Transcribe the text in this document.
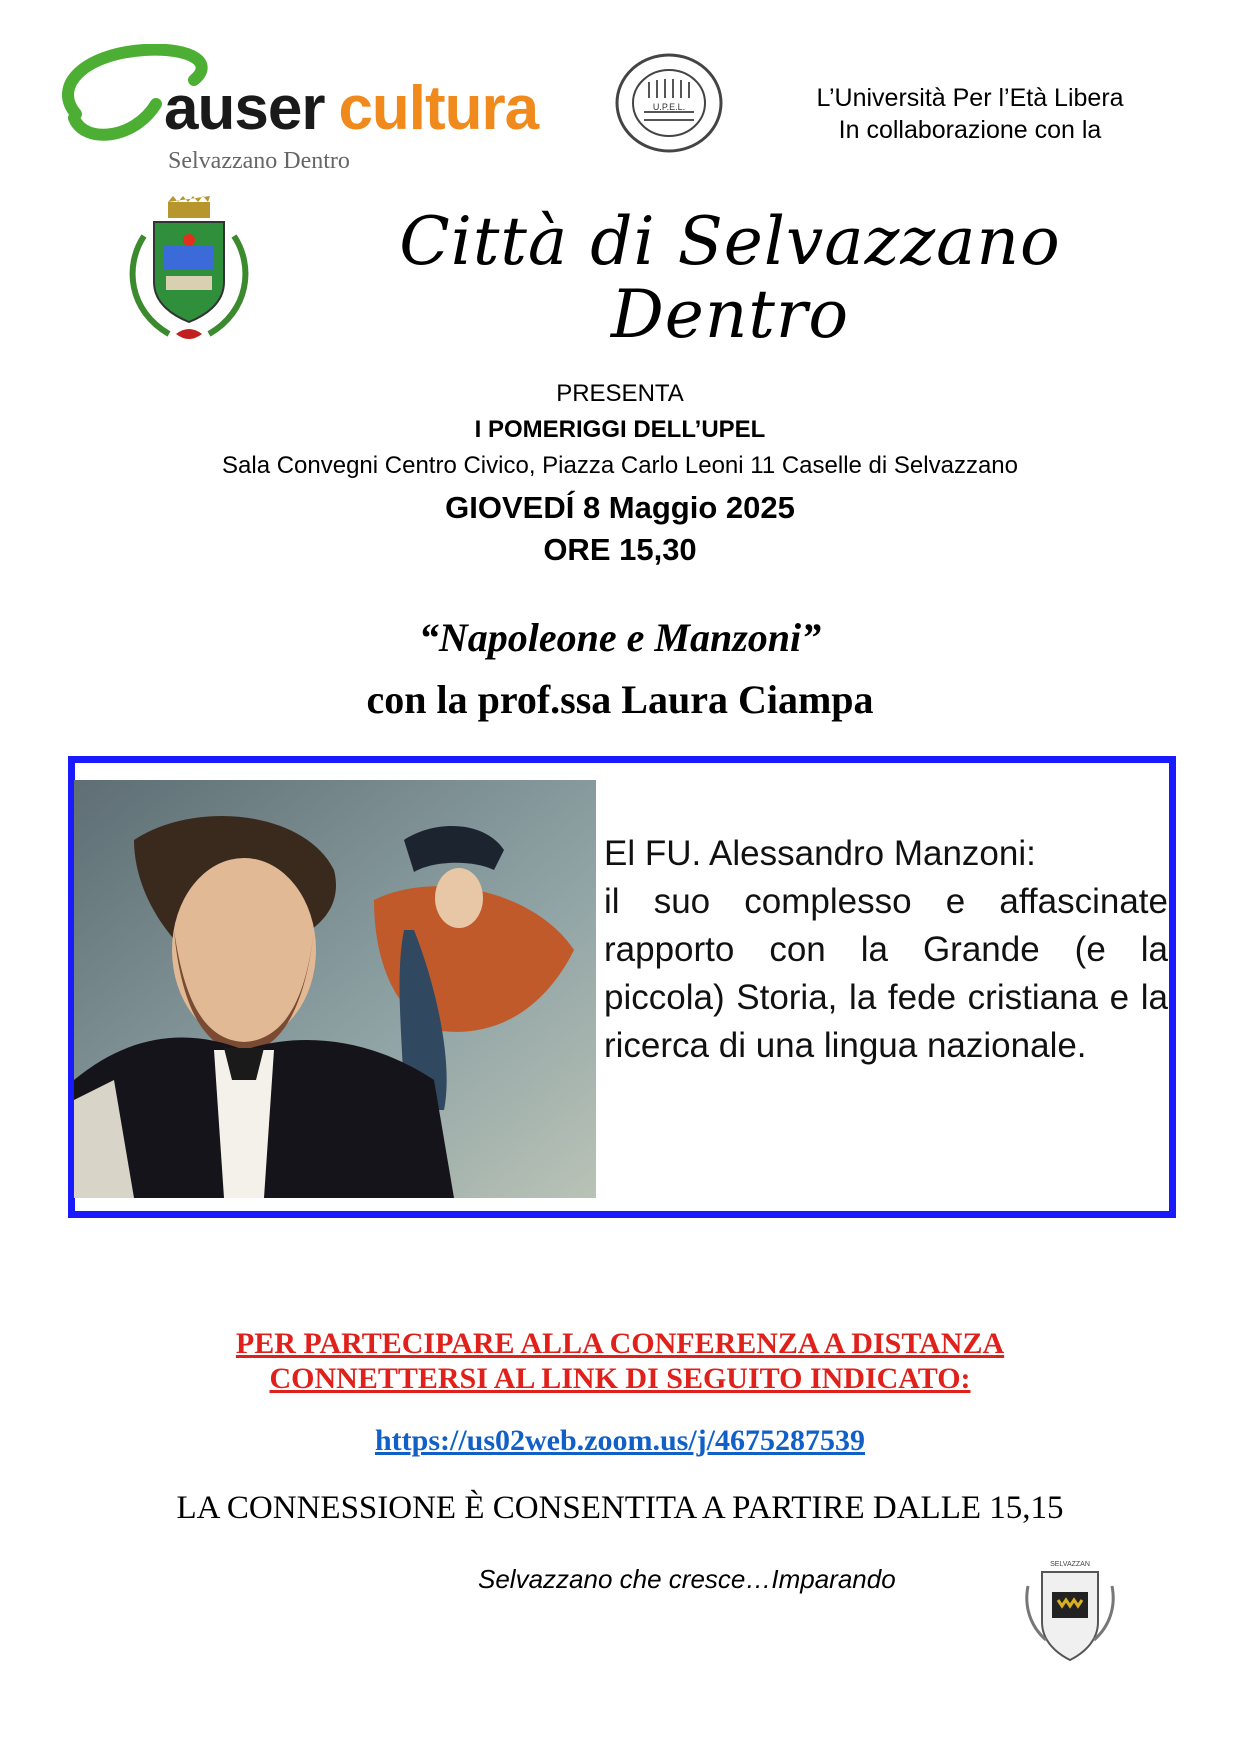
auser cultura
Selvazzano Dentro
U.P.E.L.	L’Università Per l’Età Libera
In collaborazione con la
Città di Selvazzano Dentro
PRESENTA
I POMERIGGI DELL’UPEL
Sala Convegni Centro Civico, Piazza Carlo Leoni 11 Caselle di Selvazzano
GIOVEDÍ 8 Maggio 2025
ORE 15,30
“Napoleone e Manzoni”
con la prof.ssa Laura Ciampa
El FU. Alessandro Manzoni:
il suo complesso e affascinate rapporto con la Grande (e la piccola) Storia, la fede cristiana e la ricerca di una lingua nazionale.
PER PARTECIPARE ALLA CONFERENZA A DISTANZA
CONNETTERSI AL LINK DI SEGUITO INDICATO:
https://us02web.zoom.us/j/4675287539
LA CONNESSIONE È CONSENTITA A PARTIRE DALLE 15,15
Selvazzano che cresce…Imparando	SELVAZZAN
